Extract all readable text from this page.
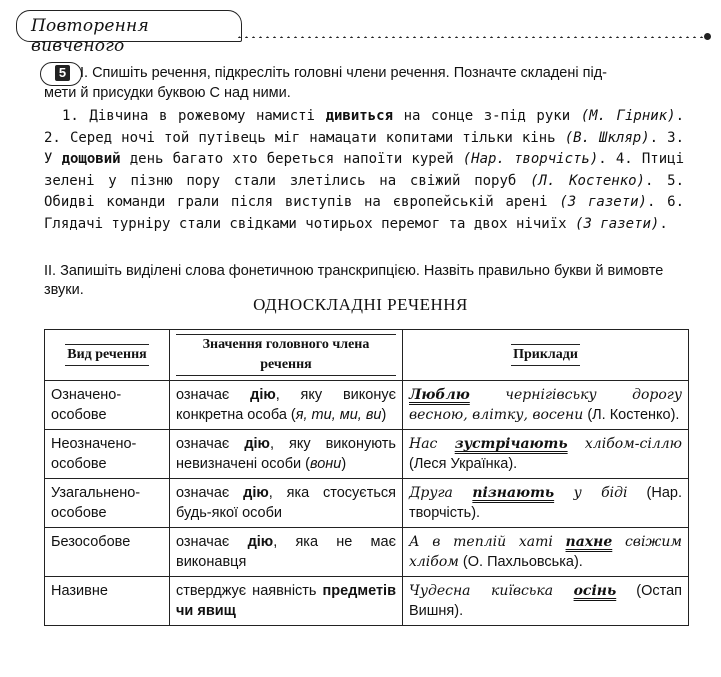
Повторення вивченого
5 І. Спишіть речення, підкресліть головні члени речення. Позначте складені під-
мети й присудки буквою С над ними.
1. Дівчина в рожевому намисті дивиться на сонце з-під руки (М. Гірник). 2. Серед ночі той путівець міг намацати копитами тільки кінь (В. Шкляр). 3. У дощовий день багато хто береться напоїти курей (Нар. творчість). 4. Птиці зелені у пізню пору стали злетілись на свіжий поруб (Л. Костенко). 5. Обидві команди грали після виступів на європейській арені (З газети). 6. Глядачі турніру стали свідками чотирьох перемог та двох нічиїх (З газети).
ІІ. Запишіть виділені слова фонетичною транскрипцією. Назвіть правильно букви й вимовте звуки.
ОДНОСКЛАДНІ РЕЧЕННЯ
Вид речення	Значення головного члена речення	Приклади
Означено-особове	означає дію, яку виконує конкретна особа (я, ти, ми, ви)	Люблю чернігівську дорогу весною, влітку, восени (Л. Костенко).
Неозначено-особове	означає дію, яку виконують невизначені особи (вони)	Нас зустрічають хлібом-сіллю (Леся Українка).
Узагальнено-особове	означає дію, яка стосується будь-якої особи	Друга пізнають у біді (Нар. творчість).
Безособове	означає дію, яка не має виконавця	А в теплій хаті пахне свіжим хлібом (О. Пахльовська).
Називне	стверджує наявність предметів чи явищ	Чудесна київська осінь (Остап Вишня).
